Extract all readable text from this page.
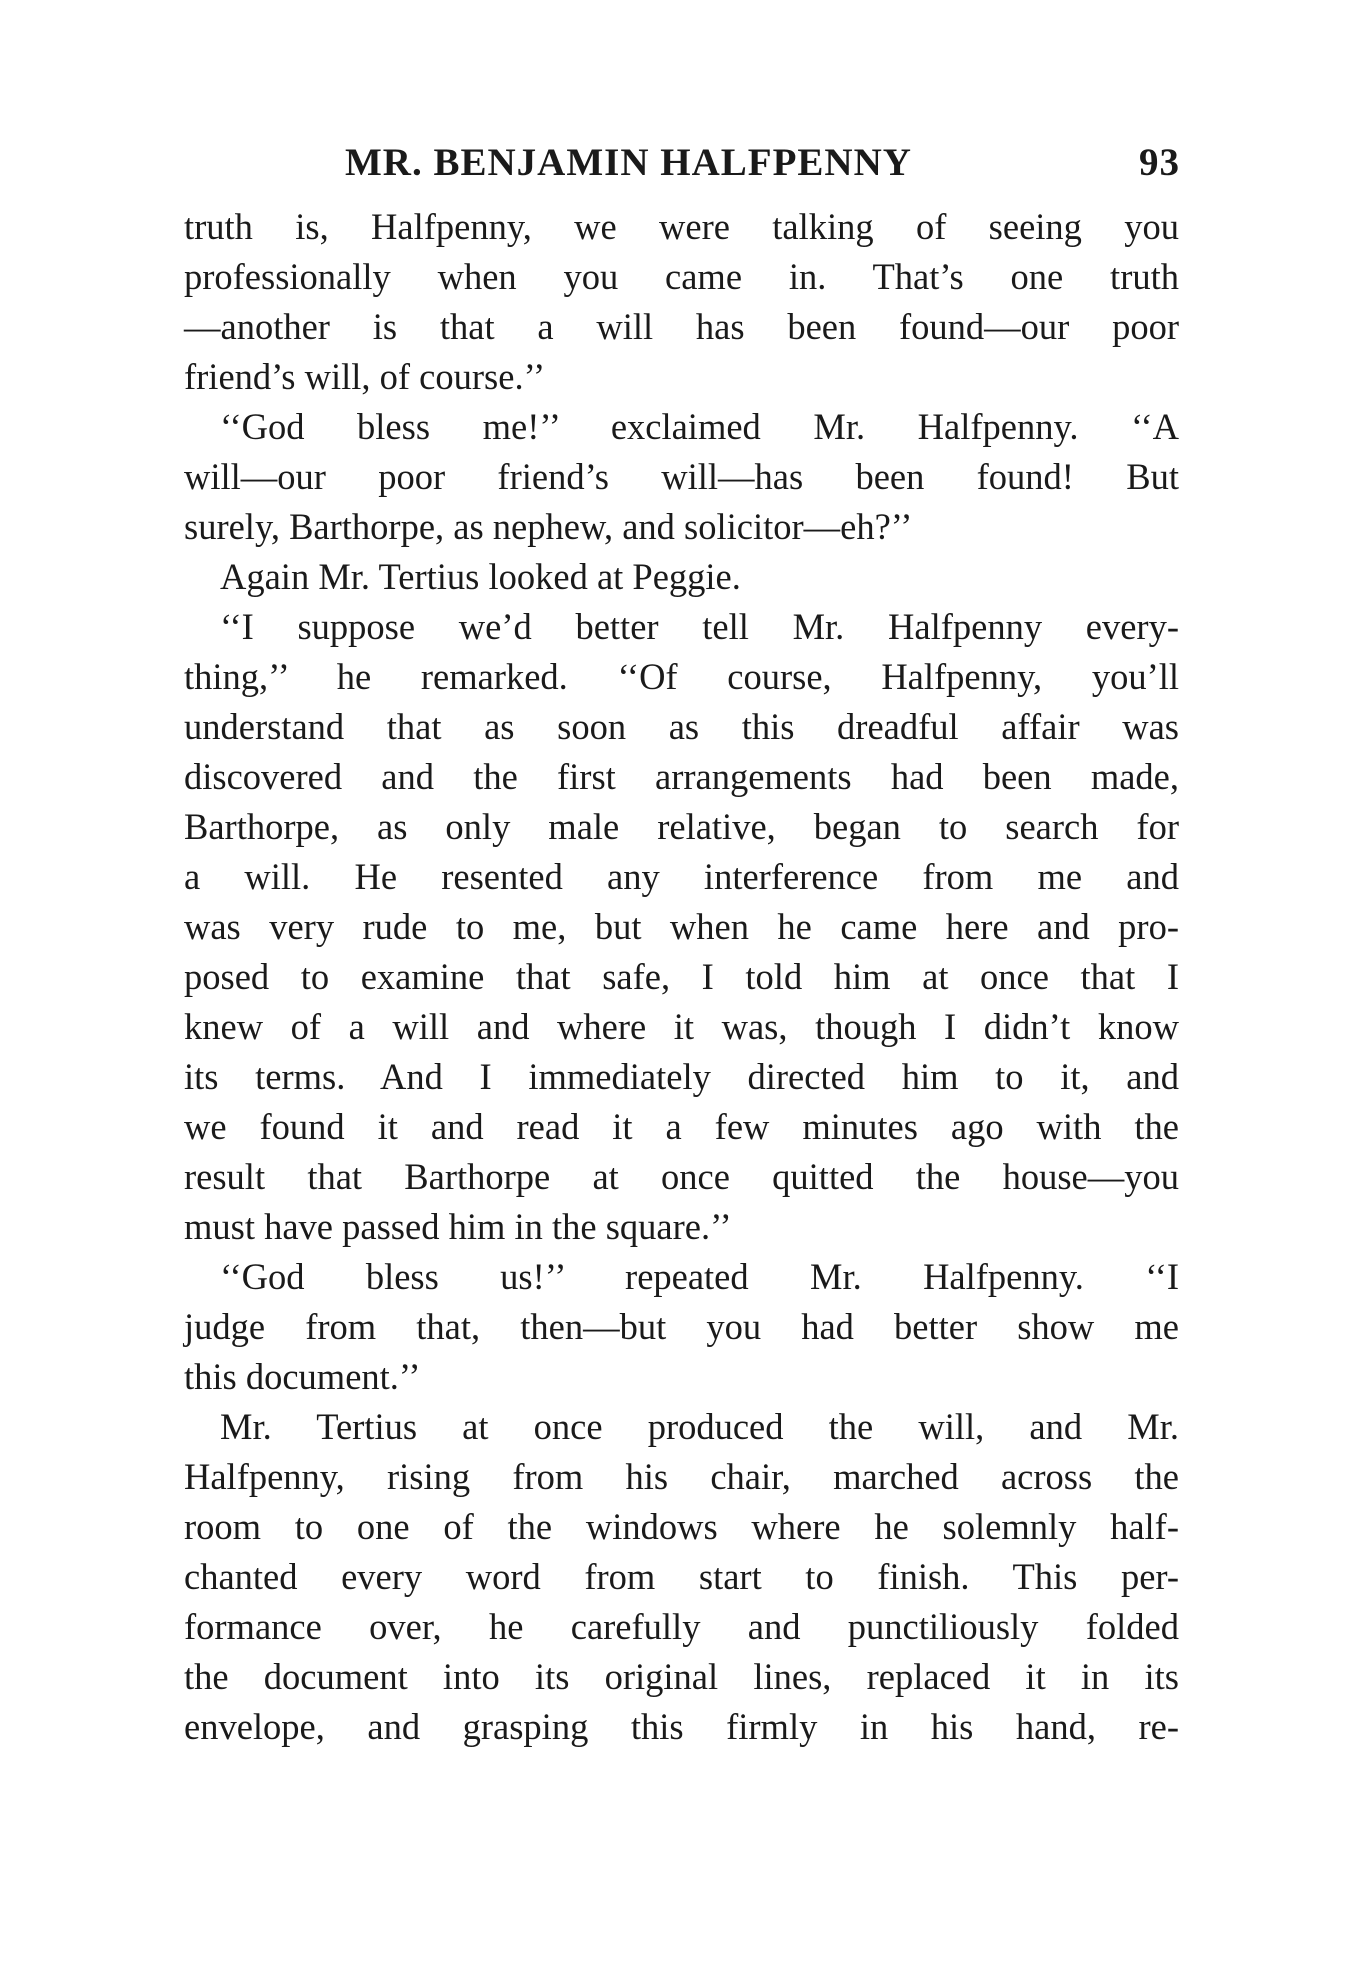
MR. BENJAMIN HALFPENNY	93
truth is, Halfpenny, we were talking of seeing you
professionally when you came in. That’s one truth
—another is that a will has been found—our poor
friend’s will, of course.’’
‘‘God bless me!’’ exclaimed Mr. Halfpenny. ‘‘A
will—our poor friend’s will—has been found! But
surely, Barthorpe, as nephew, and solicitor—eh?’’
Again Mr. Tertius looked at Peggie.
‘‘I suppose we’d better tell Mr. Halfpenny every-
thing,’’ he remarked. ‘‘Of course, Halfpenny, you’ll
understand that as soon as this dreadful affair was
discovered and the first arrangements had been made,
Barthorpe, as only male relative, began to search for
a will. He resented any interference from me and
was very rude to me, but when he came here and pro-
posed to examine that safe, I told him at once that I
knew of a will and where it was, though I didn’t know
its terms. And I immediately directed him to it, and
we found it and read it a few minutes ago with the
result that Barthorpe at once quitted the house—you
must have passed him in the square.’’
‘‘God bless us!’’ repeated Mr. Halfpenny. ‘‘I
judge from that, then—but you had better show me
this document.’’
Mr. Tertius at once produced the will, and Mr.
Halfpenny, rising from his chair, marched across the
room to one of the windows where he solemnly half-
chanted every word from start to finish. This per-
formance over, he carefully and punctiliously folded
the document into its original lines, replaced it in its
envelope, and grasping this firmly in his hand, re-
